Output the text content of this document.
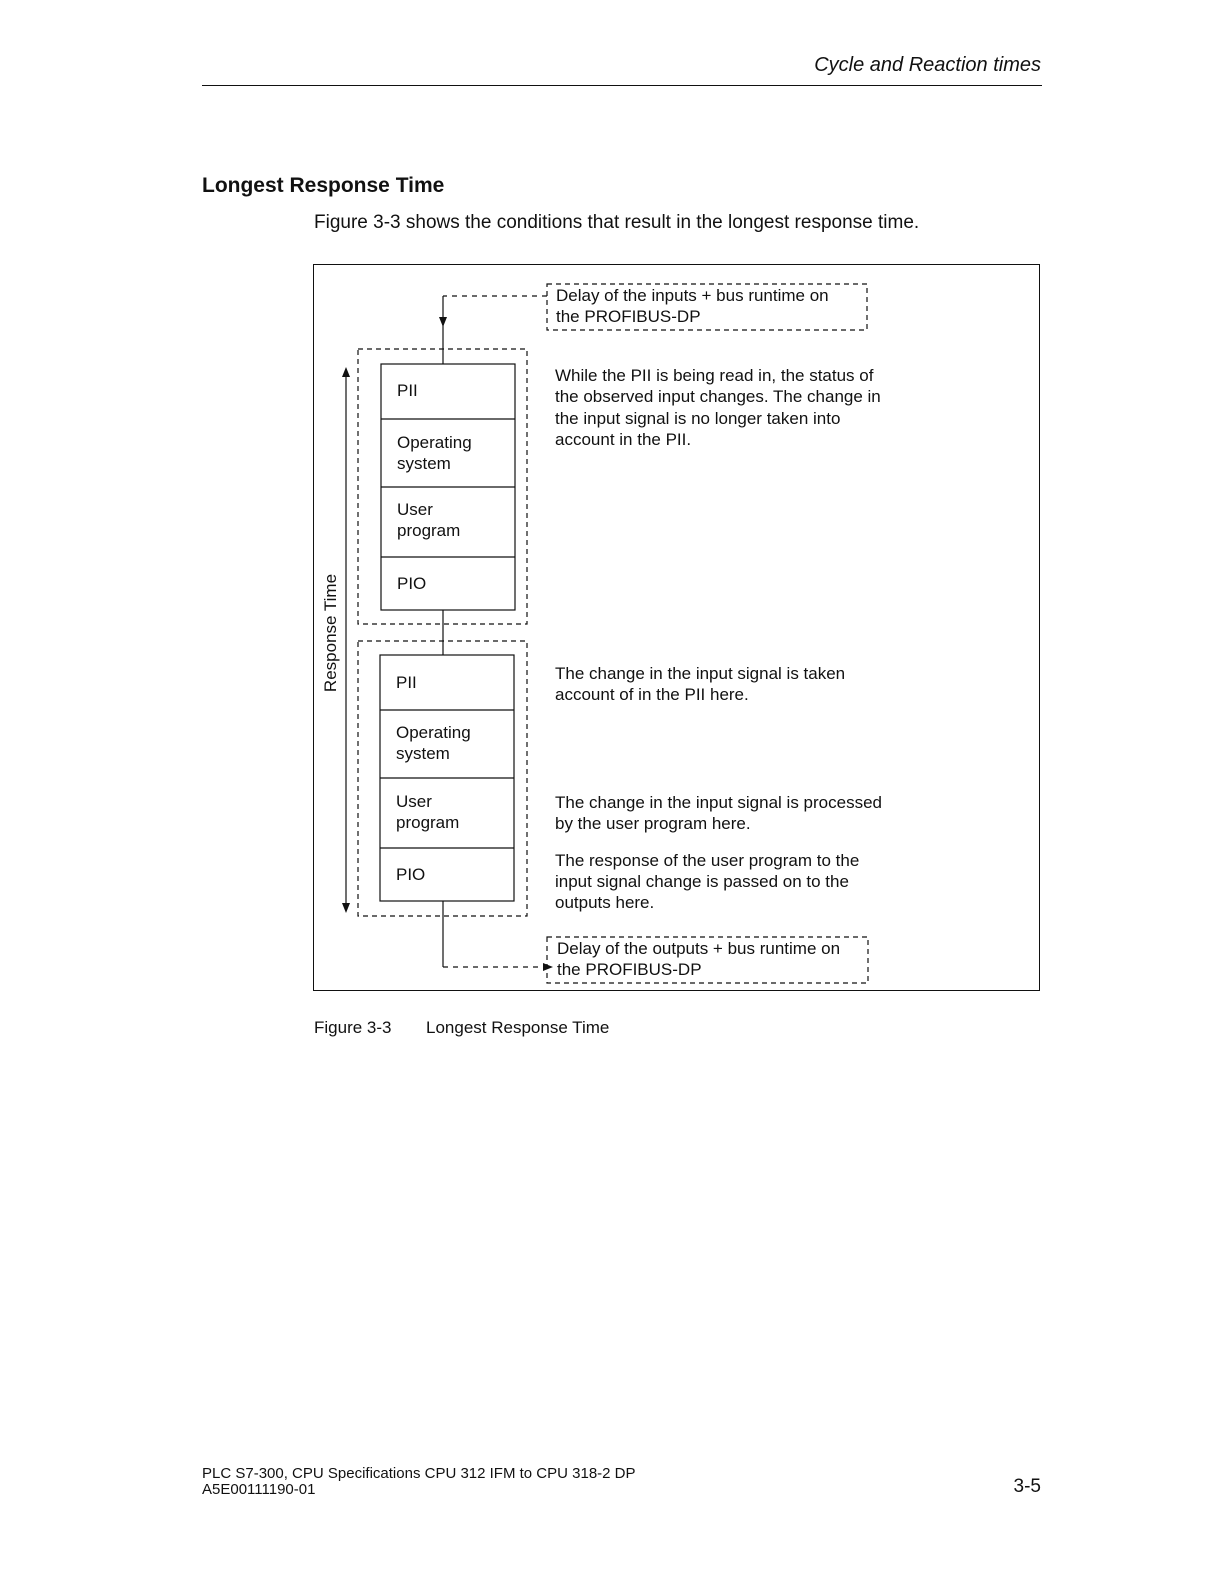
Cycle and Reaction times
Longest Response Time
Figure 3-3 shows the conditions that result in the longest response time.
Delay of the inputs + bus runtime on
the PROFIBUS-DP
Delay of the outputs + bus runtime on
the PROFIBUS-DP
PII
Operating
system
User
program
PIO
PII
Operating
system
User
program
PIO
Response Time
While the PII is being read in, the status of
the observed input changes. The change in
the input signal is no longer taken into
account in the PII.
The change in the input signal is taken
account of in the PII here.
The change in the input signal is processed
by the user program here.
The response of the user program to the
input signal change is passed on to the
outputs here.
Figure 3-3 Longest Response Time
PLC S7-300, CPU Specifications CPU 312 IFM to CPU 318-2 DP
A5E00111190-01	3-5
